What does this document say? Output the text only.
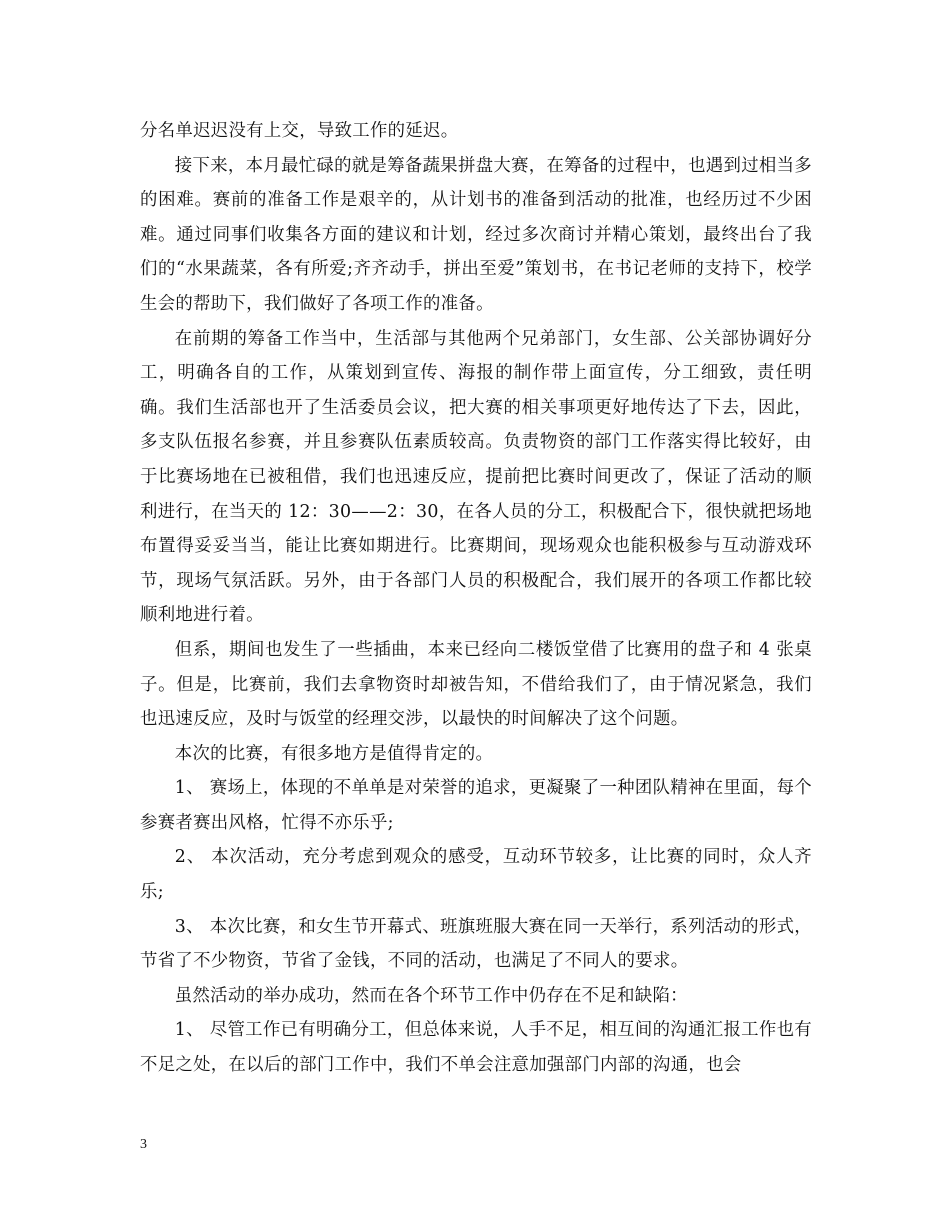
分名单迟迟没有上交，导致工作的延迟。

接下来，本月最忙碌的就是筹备蔬果拼盘大赛，在筹备的过程中，也遇到过相当多的困难。赛前的准备工作是艰辛的，从计划书的准备到活动的批准，也经历过不少困难。通过同事们收集各方面的建议和计划，经过多次商讨并精心策划，最终出台了我们的“水果蔬菜，各有所爱;齐齐动手，拼出至爱”策划书，在书记老师的支持下，校学生会的帮助下，我们做好了各项工作的准备。

在前期的筹备工作当中，生活部与其他两个兄弟部门，女生部、公关部协调好分工，明确各自的工作，从策划到宣传、海报的制作带上面宣传，分工细致，责任明确。我们生活部也开了生活委员会议，把大赛的相关事项更好地传达了下去，因此，多支队伍报名参赛，并且参赛队伍素质较高。负责物资的部门工作落实得比较好，由于比赛场地在已被租借，我们也迅速反应，提前把比赛时间更改了，保证了活动的顺利进行，在当天的 12：30——2：30，在各人员的分工，积极配合下，很快就把场地布置得妥妥当当，能让比赛如期进行。比赛期间，现场观众也能积极参与互动游戏环节，现场气氛活跃。另外，由于各部门人员的积极配合，我们展开的各项工作都比较顺利地进行着。

但系，期间也发生了一些插曲，本来已经向二楼饭堂借了比赛用的盘子和 4 张桌子。但是，比赛前，我们去拿物资时却被告知，不借给我们了，由于情况紧急，我们也迅速反应，及时与饭堂的经理交涉，以最快的时间解决了这个问题。

本次的比赛，有很多地方是值得肯定的。

1、 赛场上，体现的不单单是对荣誉的追求，更凝聚了一种团队精神在里面，每个参赛者赛出风格，忙得不亦乐乎;

2、 本次活动，充分考虑到观众的感受，互动环节较多，让比赛的同时，众人齐乐;

3、 本次比赛，和女生节开幕式、班旗班服大赛在同一天举行，系列活动的形式，节省了不少物资，节省了金钱，不同的活动，也满足了不同人的要求。

虽然活动的举办成功，然而在各个环节工作中仍存在不足和缺陷：

1、 尽管工作已有明确分工，但总体来说，人手不足，相互间的沟通汇报工作也有不足之处，在以后的部门工作中，我们不单会注意加强部门内部的沟通，也会

3
